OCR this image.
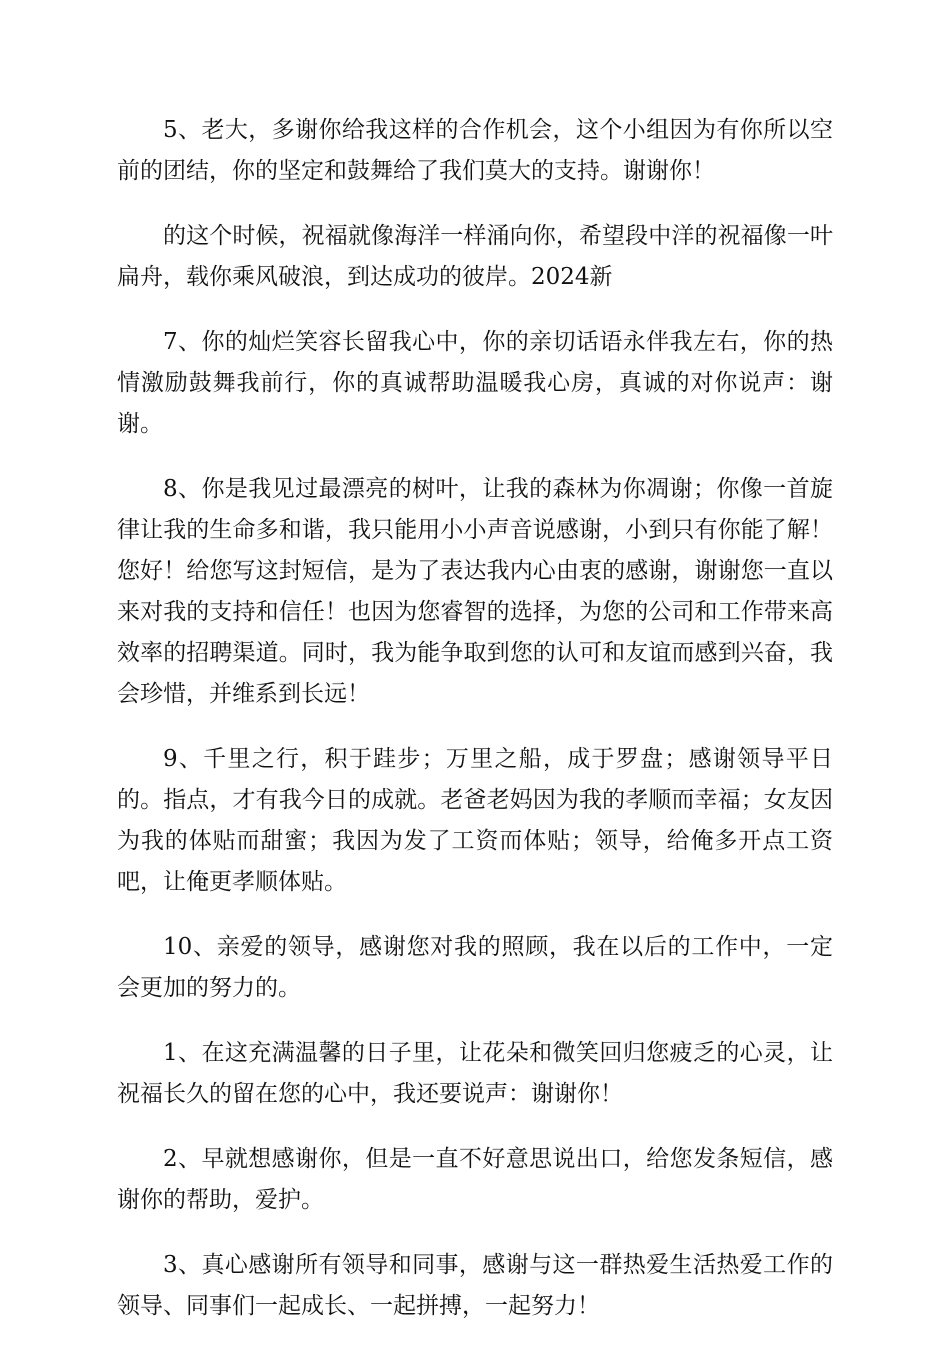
5、老大，多谢你给我这样的合作机会，这个小组因为有你所以空前的团结，你的坚定和鼓舞给了我们莫大的支持。谢谢你！

的这个时候，祝福就像海洋一样涌向你，希望段中洋的祝福像一叶扁舟，载你乘风破浪，到达成功的彼岸。2024新

7、你的灿烂笑容长留我心中，你的亲切话语永伴我左右，你的热情激励鼓舞我前行，你的真诚帮助温暖我心房，真诚的对你说声：谢谢。

8、你是我见过最漂亮的树叶，让我的森林为你凋谢；你像一首旋律让我的生命多和谐，我只能用小小声音说感谢，小到只有你能了解！您好！给您写这封短信，是为了表达我内心由衷的感谢，谢谢您一直以来对我的支持和信任！也因为您睿智的选择，为您的公司和工作带来高效率的招聘渠道。同时，我为能争取到您的认可和友谊而感到兴奋，我会珍惜，并维系到长远！

9、千里之行，积于跬步；万里之船，成于罗盘；感谢领导平日的。指点，才有我今日的成就。老爸老妈因为我的孝顺而幸福；女友因为我的体贴而甜蜜；我因为发了工资而体贴；领导，给俺多开点工资吧，让俺更孝顺体贴。

10、亲爱的领导，感谢您对我的照顾，我在以后的工作中，一定会更加的努力的。

1、在这充满温馨的日子里，让花朵和微笑回归您疲乏的心灵，让祝福长久的留在您的心中，我还要说声：谢谢你！

2、早就想感谢你，但是一直不好意思说出口，给您发条短信，感谢你的帮助，爱护。

3、真心感谢所有领导和同事，感谢与这一群热爱生活热爱工作的领导、同事们一起成长、一起拼搏，一起努力！
